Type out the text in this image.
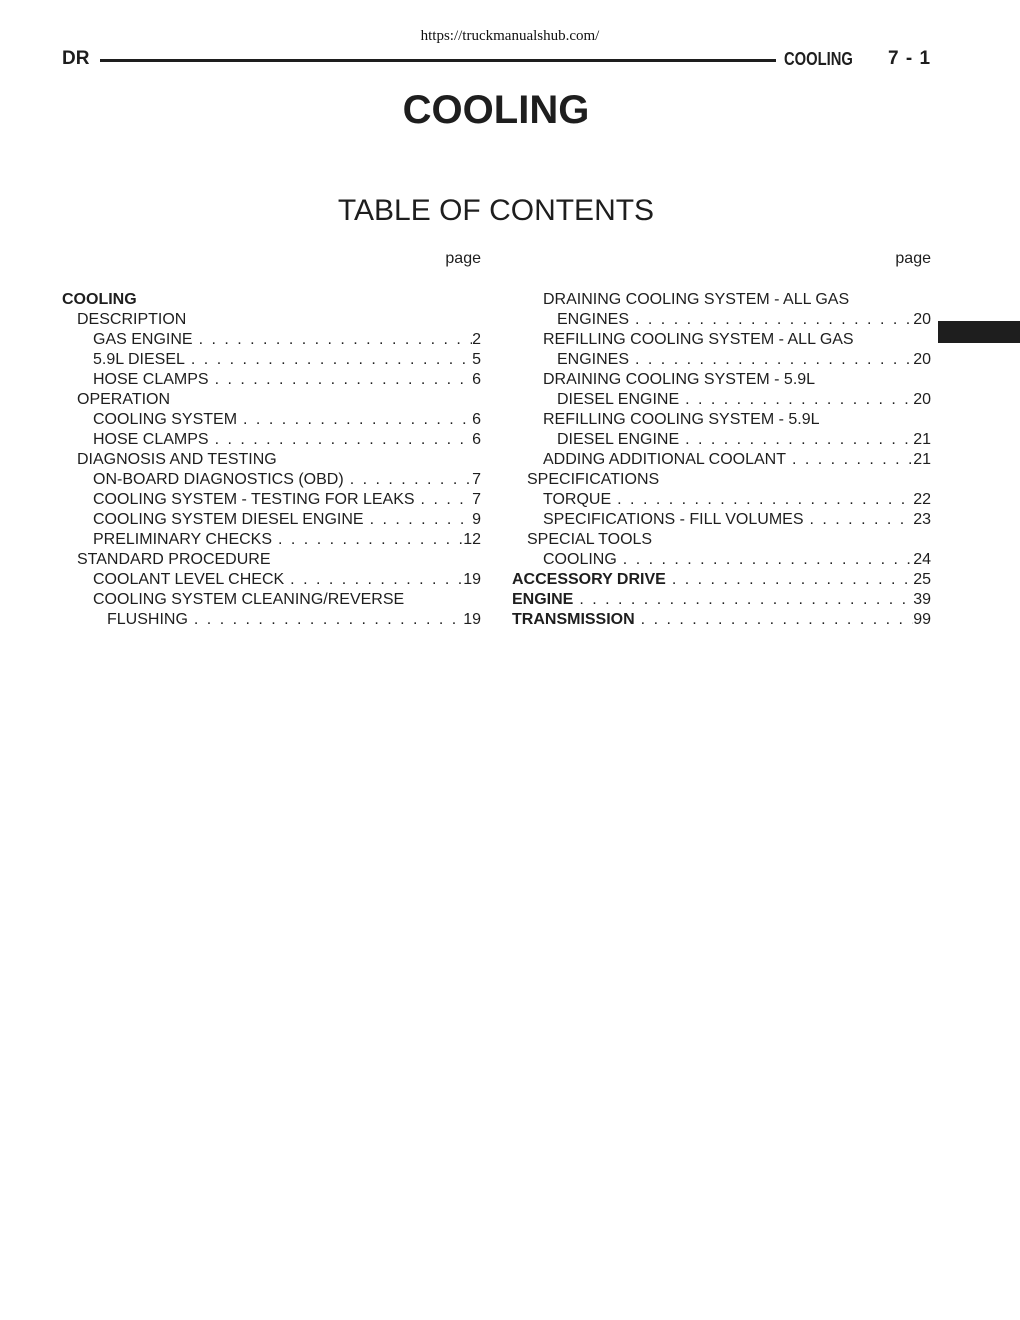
https://truckmanualshub.com/
DR	COOLING 7 - 1
COOLING
TABLE OF CONTENTS
page
COOLING
DESCRIPTION
GAS ENGINE . . .	2
5.9L DIESEL . . .	5
HOSE CLAMPS . . .	6
OPERATION
COOLING SYSTEM . . .	6
HOSE CLAMPS . . .	6
DIAGNOSIS AND TESTING
ON-BOARD DIAGNOSTICS (OBD) . . .	7
COOLING SYSTEM - TESTING FOR LEAKS . . .	7
COOLING SYSTEM DIESEL ENGINE . . .	9
PRELIMINARY CHECKS . . .	12
STANDARD PROCEDURE
COOLANT LEVEL CHECK . . .	19
COOLING SYSTEM CLEANING/REVERSE
FLUSHING . . .	19
page
DRAINING COOLING SYSTEM - ALL GAS
ENGINES . . .	20
REFILLING COOLING SYSTEM - ALL GAS
ENGINES . . .	20
DRAINING COOLING SYSTEM - 5.9L
DIESEL ENGINE . . .	20
REFILLING COOLING SYSTEM - 5.9L
DIESEL ENGINE . . .	21
ADDING ADDITIONAL COOLANT . . .	21
SPECIFICATIONS
TORQUE . . .	22
SPECIFICATIONS - FILL VOLUMES . . .	23
SPECIAL TOOLS
COOLING . . .	24
ACCESSORY DRIVE . . .	25
ENGINE . . .	39
TRANSMISSION . . .	99
